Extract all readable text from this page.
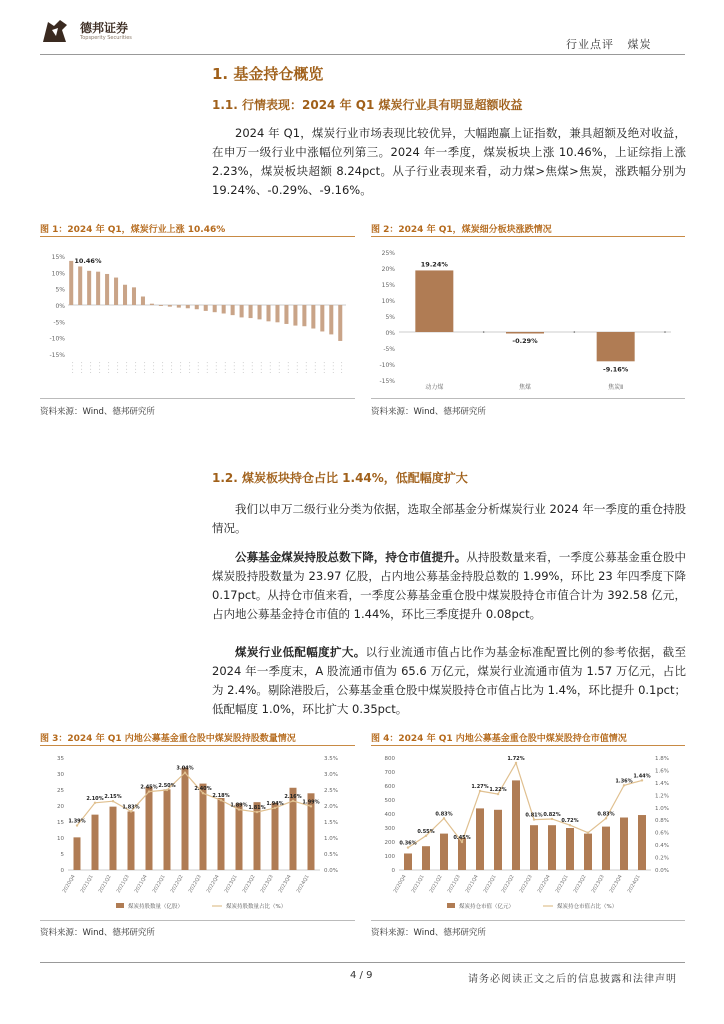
德邦证券
Topsperity Securities	行业点评 煤炭
1. 基金持仓概览
1.1. 行情表现：2024 年 Q1 煤炭行业具有明显超额收益
2024 年 Q1，煤炭行业市场表现比较优异，大幅跑赢上证指数，兼具超额及绝对收益，在申万一级行业中涨幅位列第三。2024 年一季度，煤炭板块上涨 10.46%，上证综指上涨 2.23%，煤炭板块超额 8.24pct。从子行业表现来看，动力煤>焦煤>焦炭，涨跌幅分别为 19.24%、-0.29%、-9.16%。
图 1：2024 年 Q1，煤炭行业上涨 10.46%
15%
10%
5%
0%
-5%
-10%
-15%
· · · · · · · · · · · · · · · · · · · · · · · · · · · · · · · · · · · · · · · · · · · · · · · · · · · · · · · · · · · · · · · · · · · · · · · · · · · · · · · · · · · · · · · · · · · · · · · · · · · · · · · · · · · · · · · · · · · · · · · · · · · ·
10.46%
资料来源：Wind、德邦研究所
图 2：2024 年 Q1，煤炭细分板块涨跌情况
25%
20%
15%
10%
5%
0%
-5%
-10%
-15%
19.24%
动力煤
-0.29%
焦煤
-9.16%
焦炭Ⅱ
资料来源：Wind、德邦研究所
1.2. 煤炭板块持仓占比 1.44%，低配幅度扩大
我们以申万二级行业分类为依据，选取全部基金分析煤炭行业 2024 年一季度的重仓持股情况。
公募基金煤炭持股总数下降，持仓市值提升。从持股数量来看，一季度公募基金重仓股中煤炭股持股数量为 23.97 亿股，占内地公募基金持股总数的 1.99%，环比 23 年四季度下降 0.17pct。从持仓市值来看，一季度公募基金重仓股中煤炭股持仓市值合计为 392.58 亿元，占内地公募基金持仓市值的 1.44%，环比三季度提升 0.08pct。
煤炭行业低配幅度扩大。以行业流通市值占比作为基金标准配置比例的参考依据，截至 2024 年一季度末，A 股流通市值为 65.6 万亿元，煤炭行业流通市值为 1.57 万亿元，占比为 2.4%。剔除港股后，公募基金重仓股中煤炭股持仓市值占比为 1.4%，环比提升 0.1pct；低配幅度 1.0%，环比扩大 0.35pct。
图 3：2024 年 Q1 内地公募基金重仓股中煤炭股持股数量情况
35
30
25
20
15
10
5
0
3.5%
3.0%
2.5%
2.0%
1.5%
1.0%
0.5%
0.0%
2020Q4 2021Q1 2021Q2 2021Q3 2021Q4 2022Q1 2022Q2 2022Q3 2022Q4 2023Q1 2023Q2 2023Q3 2023Q4 2024Q1
1.39%
2.10% 2.15%
1.83%
2.45% 2.50%
3.04%
2.40%
2.18%
1.89% 1.81%
1.94%
2.16%
1.99%
煤炭持股数量（亿股）	煤炭持股数量占比（%）
资料来源：Wind、德邦研究所
图 4：2024 年 Q1 内地公募基金重仓股中煤炭股持仓市值情况
800
700
600
500
400
300
200
100
0
1.8%
1.6%
1.4%
1.2%
1.0%
0.8%
0.6%
0.4%
0.2%
0.0%
2020Q4 2021Q1 2021Q2 2021Q3 2021Q4 2022Q1 2022Q2 2022Q3 2022Q4 2023Q1 2023Q2 2023Q3 2023Q4 2024Q1
0.36%
0.55%
0.83%
0.45%
1.27%
1.22%
1.72%
0.81% 0.82%
0.72%
0.83%
1.36%
1.44%
煤炭持仓市值（亿元）	煤炭持仓市值占比（%）
资料来源：Wind、德邦研究所
4 / 9	请务必阅读正文之后的信息披露和法律声明
